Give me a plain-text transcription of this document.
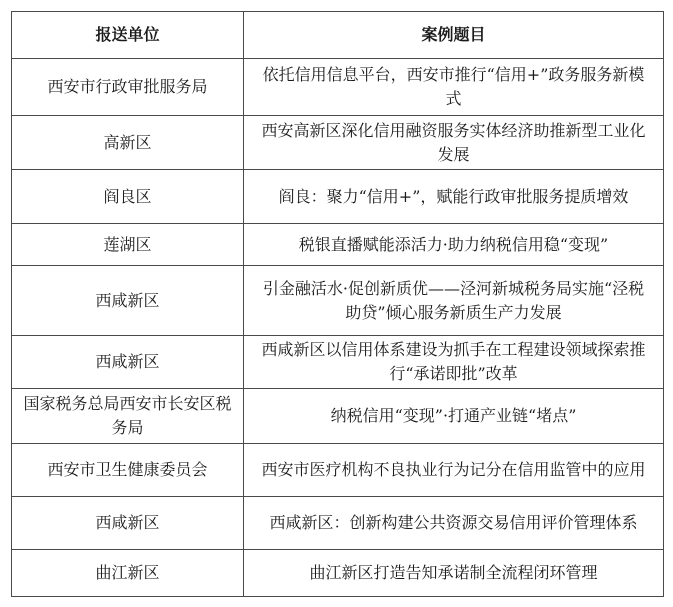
报送单位	案例题目
西安市行政审批服务局	依托信用信息平台，西安市推行“信用+”政务服务新模式
高新区	西安高新区深化信用融资服务实体经济助推新型工业化发展
阎良区	阎良：聚力“信用+”，赋能行政审批服务提质增效
莲湖区	税银直播赋能添活力·助力纳税信用稳“变现”
西咸新区	引金融活水·促创新质优——泾河新城税务局实施“泾税助贷”倾心服务新质生产力发展
西咸新区	西咸新区以信用体系建设为抓手在工程建设领域探索推行“承诺即批”改革
国家税务总局西安市长安区税务局	纳税信用“变现”·打通产业链“堵点”
西安市卫生健康委员会	西安市医疗机构不良执业行为记分在信用监管中的应用
西咸新区	西咸新区：创新构建公共资源交易信用评价管理体系
曲江新区	曲江新区打造告知承诺制全流程闭环管理
